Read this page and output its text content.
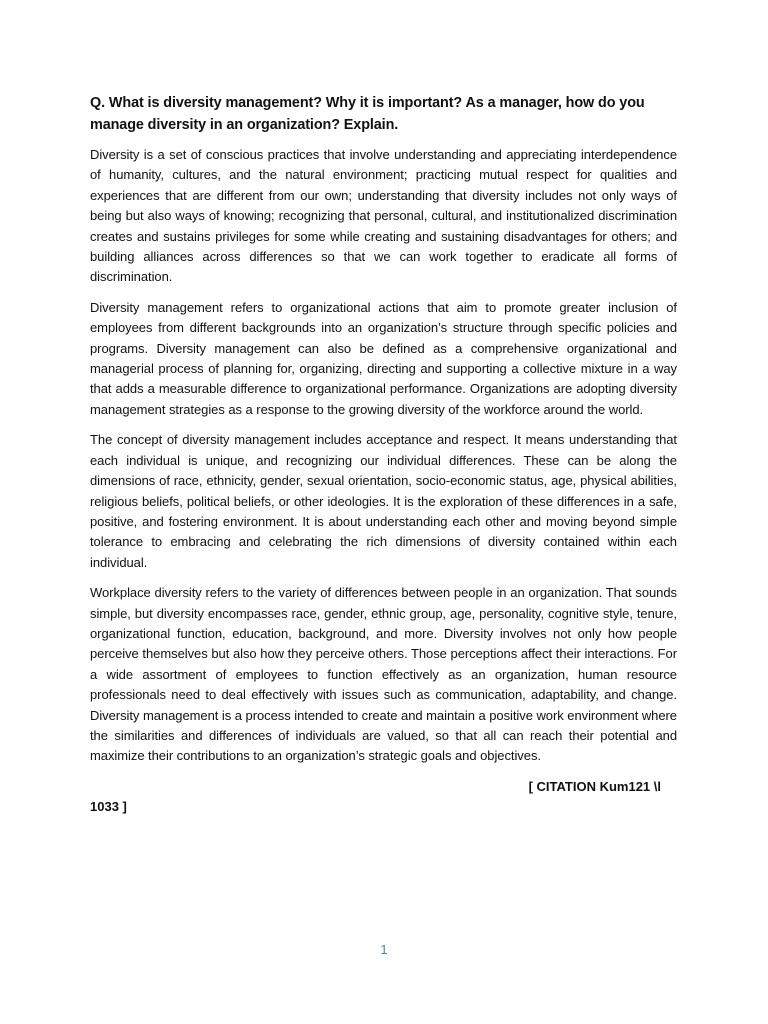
Q. What is diversity management? Why it is important? As a manager, how do you manage diversity in an organization? Explain.

Diversity is a set of conscious practices that involve understanding and appreciating interdependence of humanity, cultures, and the natural environment; practicing mutual respect for qualities and experiences that are different from our own; understanding that diversity includes not only ways of being but also ways of knowing; recognizing that personal, cultural, and institutionalized discrimination creates and sustains privileges for some while creating and sustaining disadvantages for others; and building alliances across differences so that we can work together to eradicate all forms of discrimination.

Diversity management refers to organizational actions that aim to promote greater inclusion of employees from different backgrounds into an organization’s structure through specific policies and programs. Diversity management can also be defined as a comprehensive organizational and managerial process of planning for, organizing, directing and supporting a collective mixture in a way that adds a measurable difference to organizational performance. Organizations are adopting diversity management strategies as a response to the growing diversity of the workforce around the world.

The concept of diversity management includes acceptance and respect. It means understanding that each individual is unique, and recognizing our individual differences. These can be along the dimensions of race, ethnicity, gender, sexual orientation, socio-economic status, age, physical abilities, religious beliefs, political beliefs, or other ideologies. It is the exploration of these differences in a safe, positive, and fostering environment. It is about understanding each other and moving beyond simple tolerance to embracing and celebrating the rich dimensions of diversity contained within each individual.

Workplace diversity refers to the variety of differences between people in an organization. That sounds simple, but diversity encompasses race, gender, ethnic group, age, personality, cognitive style, tenure, organizational function, education, background, and more. Diversity involves not only how people perceive themselves but also how they perceive others. Those perceptions affect their interactions. For a wide assortment of employees to function effectively as an organization, human resource professionals need to deal effectively with issues such as communication, adaptability, and change. Diversity management is a process intended to create and maintain a positive work environment where the similarities and differences of individuals are valued, so that all can reach their potential and maximize their contributions to an organization’s strategic goals and objectives.

[ CITATION Kum121 \l
1033 ]

1
